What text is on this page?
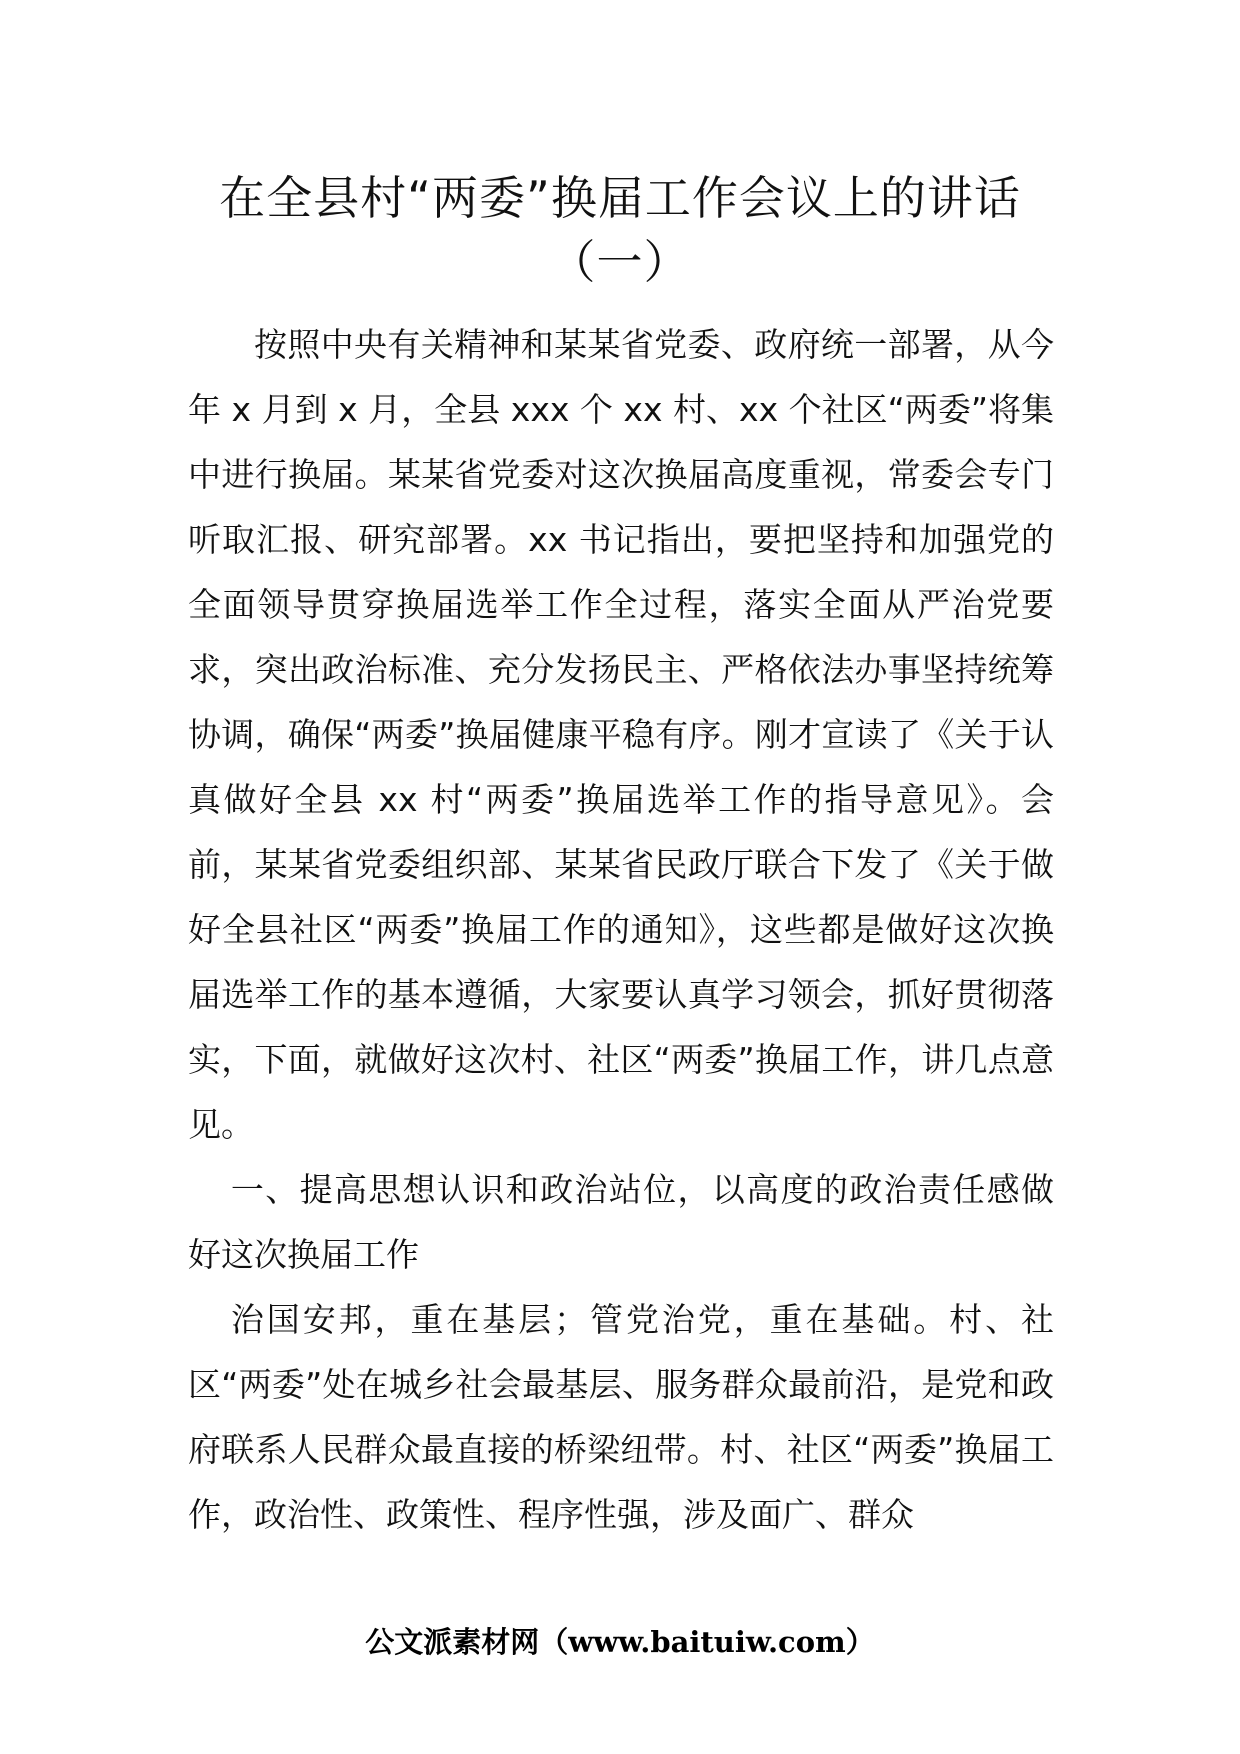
在全县村“两委”换届工作会议上的讲话
（一）

按照中央有关精神和某某省党委、政府统一部署，从今年 x 月到 x 月，全县 xxx 个 xx 村、xx 个社区“两委”将集中进行换届。某某省党委对这次换届高度重视，常委会专门听取汇报、研究部署。xx 书记指出，要把坚持和加强党的全面领导贯穿换届选举工作全过程，落实全面从严治党要求，突出政治标准、充分发扬民主、严格依法办事坚持统筹协调，确保“两委”换届健康平稳有序。刚才宣读了《关于认真做好全县 xx 村“两委”换届选举工作的指导意见》。会前，某某省党委组织部、某某省民政厅联合下发了《关于做好全县社区“两委”换届工作的通知》，这些都是做好这次换届选举工作的基本遵循，大家要认真学习领会，抓好贯彻落实，下面，就做好这次村、社区“两委”换届工作，讲几点意见。

一、提高思想认识和政治站位，以高度的政治责任感做好这次换届工作

治国安邦，重在基层；管党治党，重在基础。村、社区“两委”处在城乡社会最基层、服务群众最前沿，是党和政府联系人民群众最直接的桥梁纽带。村、社区“两委”换届工作，政治性、政策性、程序性强，涉及面广、群众

公文派素材网（www.baituiw.com）
